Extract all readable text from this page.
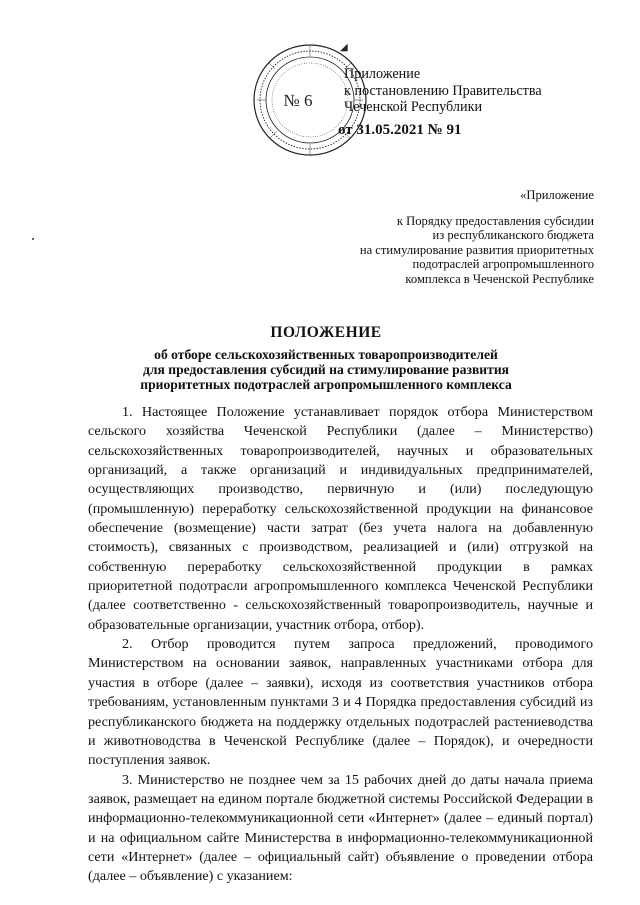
№ 6
◢
Приложение
к постановлению Правительства
Чеченской Республики
от 31.05.2021 № 91
«Приложение
к Порядку предоставления субсидии
из республиканского бюджета
на стимулирование развития приоритетных
подотраслей агропромышленного
комплекса в Чеченской Республике
ПОЛОЖЕНИЕ
об отборе сельскохозяйственных товаропроизводителей
для предоставления субсидий на стимулирование развития
приоритетных подотраслей агропромышленного комплекса

1. Настоящее Положение устанавливает порядок отбора Министерством сельского хозяйства Чеченской Республики (далее – Министерство) сельскохозяйственных товаропроизводителей, научных и образовательных организаций, а также организаций и индивидуальных предпринимателей, осуществляющих производство, первичную и (или) последующую (промышленную) переработку сельскохозяйственной продукции на финансовое обеспечение (возмещение) части затрат (без учета налога на добавленную стоимость), связанных с производством, реализацией и (или) отгрузкой на собственную переработку сельскохозяйственной продукции в рамках приоритетной подотрасли агропромышленного комплекса Чеченской Республики (далее соответственно - сельскохозяйственный товаропроизводитель, научные и образовательные организации, участник отбора, отбор).

2. Отбор проводится путем запроса предложений, проводимого Министерством на основании заявок, направленных участниками отбора для участия в отборе (далее – заявки), исходя из соответствия участников отбора требованиям, установленным пунктами 3 и 4 Порядка предоставления субсидий из республиканского бюджета на поддержку отдельных подотраслей растениеводства и животноводства в Чеченской Республике (далее – Порядок), и очередности поступления заявок.

3. Министерство не позднее чем за 15 рабочих дней до даты начала приема заявок, размещает на едином портале бюджетной системы Российской Федерации в информационно-телекоммуникационной сети «Интернет» (далее – единый портал) и на официальном сайте Министерства в информационно-телекоммуникационной сети «Интернет» (далее – официальный сайт) объявление о проведении отбора (далее – объявление) с указанием:
